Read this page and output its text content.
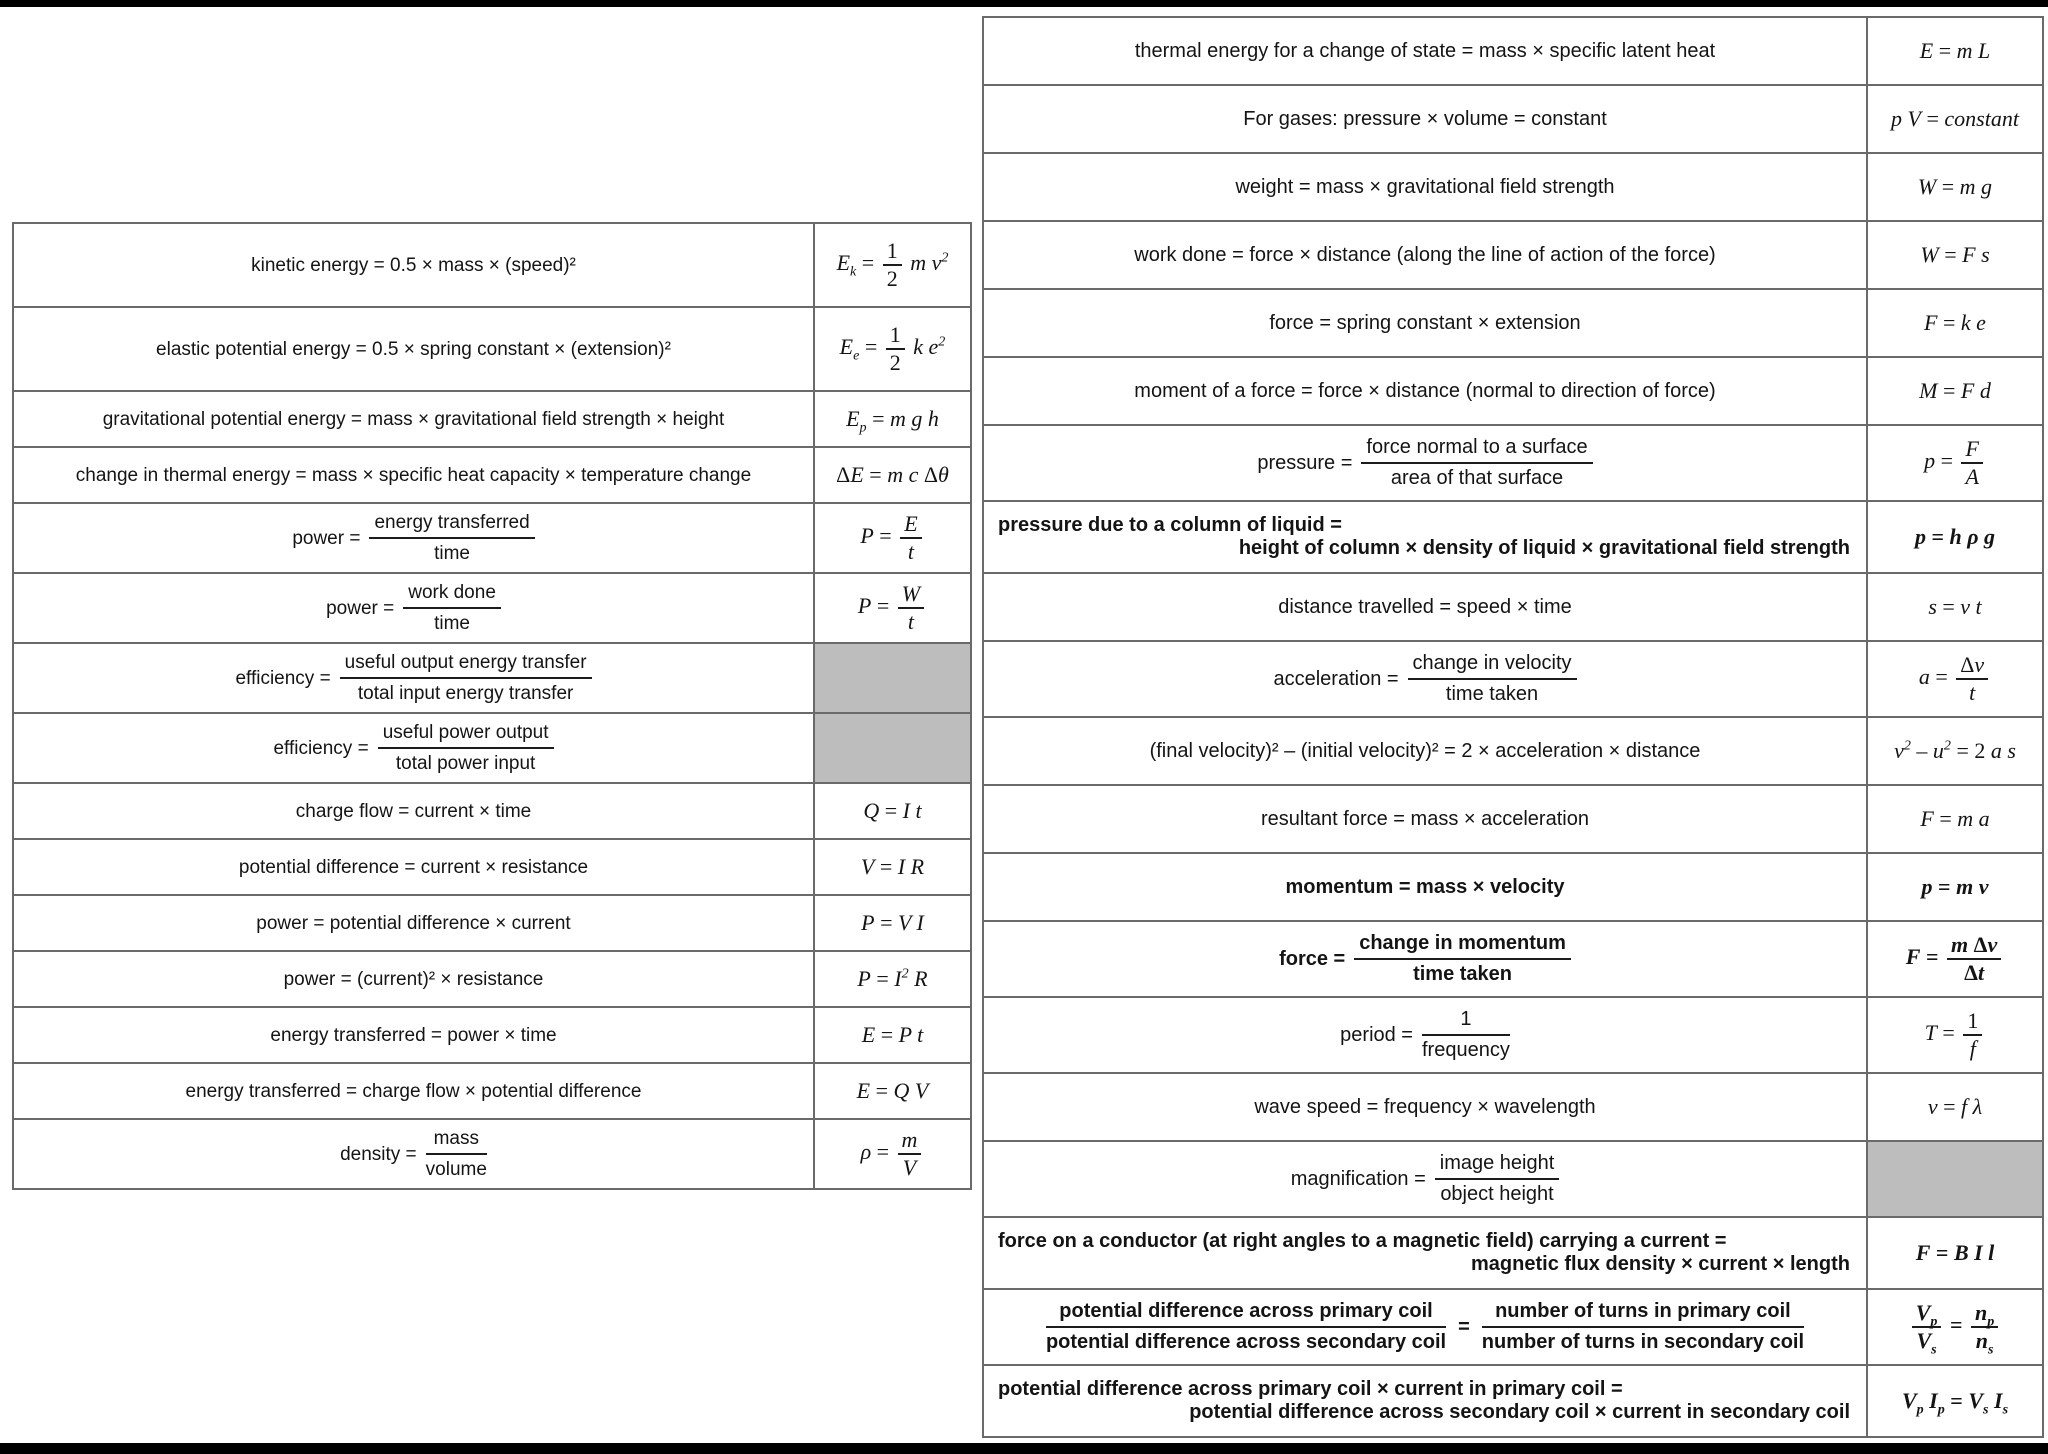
kinetic energy = 0.5 × mass × (speed)²	$E_k = \frac{1}{2}$ m $v^2$
elastic potential energy = 0.5 × spring constant × (extension)²	$E_e = \frac{1}{2}$ k $e^2$
gravitational potential energy = mass × gravitational field strength × height	$E_p = m$ g h
change in thermal energy = mass × specific heat capacity × temperature change	ΔE = m c Δθ

power = $\frac{\text{energy transferred}}{\text{time}}$	$P = \frac{E}{t}$

power = $\frac{\text{work done}}{\text{time}}$	$P = \frac{W}{t}$

efficiency = $\frac{\text{useful output energy transfer}}{\text{total input energy transfer}}$

efficiency = $\frac{\text{useful power output}}{\text{total power input}}$

charge flow = current × time	Q = I t
potential difference = current × resistance	V = I R
power = potential difference × current	P = V I
power = (current)² × resistance	$P = I^2$ R
energy transferred = power × time	E = P t
energy transferred = charge flow × potential difference	E = Q V

density = $\frac{\text{mass}}{\text{volume}}$	$\rho = \frac{m}{V}$
thermal energy for a change of state = mass × specific latent heat	E = m L
For gases: pressure × volume = constant	p V = constant
weight = mass × gravitational field strength	W = m g
work done = force × distance (along the line of action of the force)	W = F s
force = spring constant × extension	F = k e
moment of a force = force × distance (normal to direction of force)	M = F d

pressure = $\frac{\text{force normal to a surface}}{\text{area of that surface}}$	$p = \frac{F}{A}$

pressure due to a column of liquid =
height of column × density of liquid × gravitational field strength	p = h ρ g
distance travelled = speed × time	s = v t

acceleration = $\frac{\text{change in velocity}}{\text{time taken}}$	$a = \frac{\Delta v}{t}$

(final velocity)² – (initial velocity)² = 2 × acceleration × distance	$v^2 - u^2 = 2$ a s
resultant force = mass × acceleration	F = m a
momentum = mass × velocity	p = m v

force = $\frac{\text{change in momentum}}{\text{time taken}}$	$F = \frac{\text{m Δv}}{\Delta t}$

period = $\frac{1}{\text{frequency}}$	$T = \frac{1}{f}$

wave speed = frequency × wavelength	v = f λ

magnification = $\frac{\text{image height}}{\text{object height}}$

force on a conductor (at right angles to a magnetic field) carrying a current =
magnetic flux density × current × length	F = B I l

$\frac{\text{potential difference across primary coil}}{\text{potential difference across secondary coil}} = \frac{\text{number of turns in primary coil}}{\text{number of turns in secondary coil}}$	$\frac{V_p}{V_s} = \frac{n_p}{n_s}$

potential difference across primary coil × current in primary coil =
potential difference across secondary coil × current in secondary coil	$V_p$ $I_p = V_s$ $I_s$
